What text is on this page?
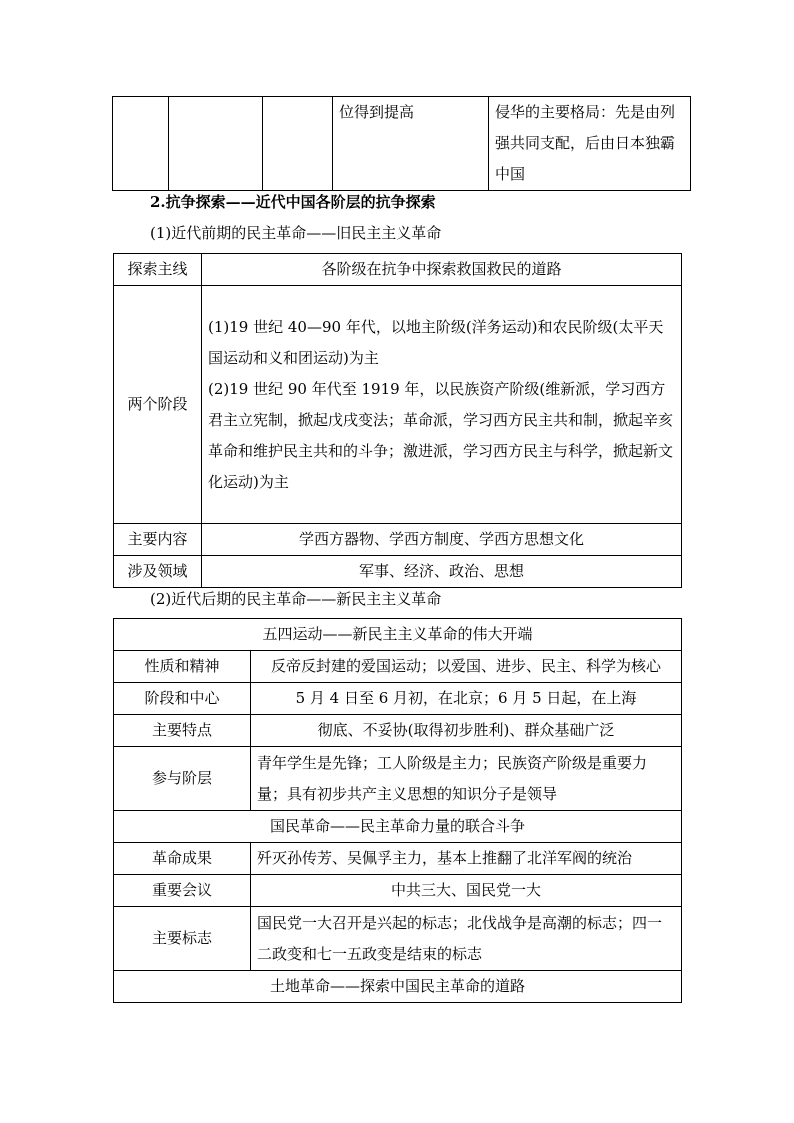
			位得到提高	侵华的主要格局：先是由列强共同支配，后由日本独霸中国
2.抗争探索——近代中国各阶层的抗争探索
(1)近代前期的民主革命——旧民主主义革命
探索主线	各阶级在抗争中探索救国救民的道路
两个阶段	(1)19 世纪 40—90 年代，以地主阶级(洋务运动)和农民阶级(太平天国运动和义和团运动)为主
(2)19 世纪 90 年代至 1919 年，以民族资产阶级(维新派，学习西方君主立宪制，掀起戊戌变法；革命派，学习西方民主共和制，掀起辛亥革命和维护民主共和的斗争；激进派，学习西方民主与科学，掀起新文化运动)为主

主要内容	学西方器物、学西方制度、学西方思想文化
涉及领域	军事、经济、政治、思想
(2)近代后期的民主革命——新民主主义革命
五四运动——新民主主义革命的伟大开端	
性质和精神	反帝反封建的爱国运动；以爱国、进步、民主、科学为核心
阶段和中心	5 月 4 日至 6 月初，在北京；6 月 5 日起，在上海
主要特点	彻底、不妥协(取得初步胜利)、群众基础广泛
参与阶层	青年学生是先锋；工人阶级是主力；民族资产阶级是重要力量；具有初步共产主义思想的知识分子是领导
国民革命——民主革命力量的联合斗争	
革命成果	歼灭孙传芳、吴佩孚主力，基本上推翻了北洋军阀的统治
重要会议	中共三大、国民党一大
主要标志	国民党一大召开是兴起的标志；北伐战争是高潮的标志；四一二政变和七一五政变是结束的标志
土地革命——探索中国民主革命的道路	
